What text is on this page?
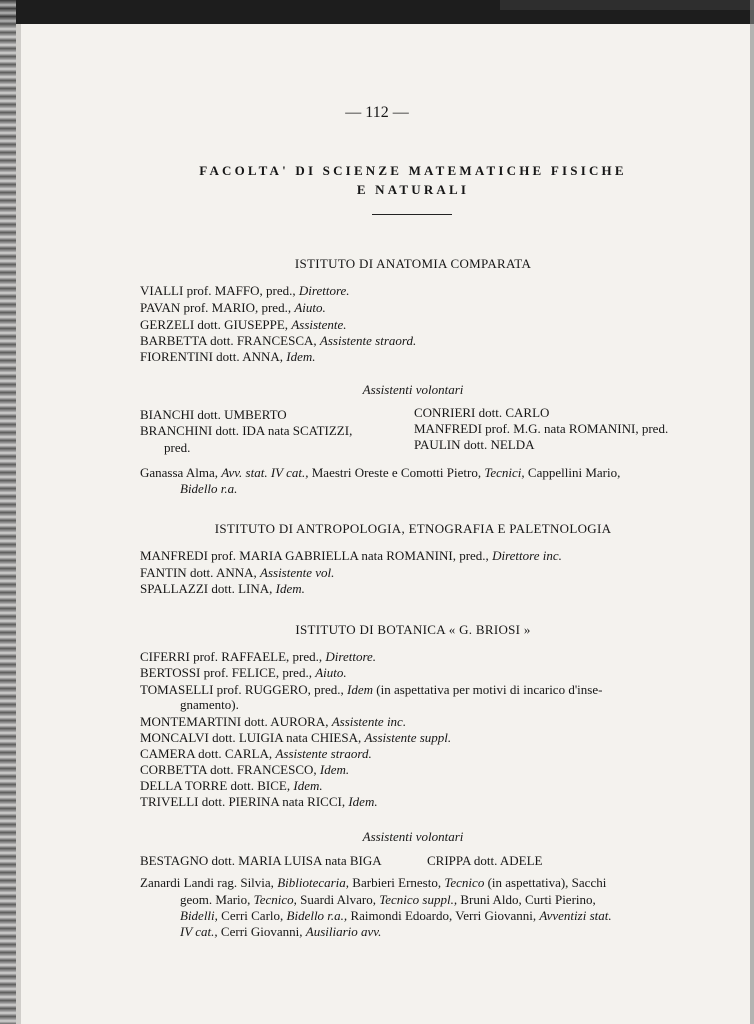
— 112 —
FACOLTA' DI SCIENZE MATEMATICHE FISICHE
E NATURALI
ISTITUTO DI ANATOMIA COMPARATA
VIALLI prof. MAFFO, pred., Direttore.
PAVAN prof. MARIO, pred., Aiuto.
GERZELI dott. GIUSEPPE, Assistente.
BARBETTA dott. FRANCESCA, Assistente straord.
FIORENTINI dott. ANNA, Idem.
Assistenti volontari
BIANCHI dott. UMBERTO
BRANCHINI dott. IDA nata SCATIZZI,
pred.
CONRIERI dott. CARLO
MANFREDI prof. M.G. nata ROMANINI, pred.
PAULIN dott. NELDA
Ganassa Alma, Avv. stat. IV cat., Maestri Oreste e Comotti Pietro, Tecnici, Cappellini Mario,
Bidello r.a.
ISTITUTO DI ANTROPOLOGIA, ETNOGRAFIA E PALETNOLOGIA
MANFREDI prof. MARIA GABRIELLA nata ROMANINI, pred., Direttore inc.
FANTIN dott. ANNA, Assistente vol.
SPALLAZZI dott. LINA, Idem.
ISTITUTO DI BOTANICA « G. BRIOSI »
CIFERRI prof. RAFFAELE, pred., Direttore.
BERTOSSI prof. FELICE, pred., Aiuto.
TOMASELLI prof. RUGGERO, pred., Idem (in aspettativa per motivi di incarico d'inse-
gnamento).
MONTEMARTINI dott. AURORA, Assistente inc.
MONCALVI dott. LUIGIA nata CHIESA, Assistente suppl.
CAMERA dott. CARLA, Assistente straord.
CORBETTA dott. FRANCESCO, Idem.
DELLA TORRE dott. BICE, Idem.
TRIVELLI dott. PIERINA nata RICCI, Idem.
Assistenti volontari
BESTAGNO dott. MARIA LUISA nata BIGA	CRIPPA dott. ADELE
Zanardi Landi rag. Silvia, Bibliotecaria, Barbieri Ernesto, Tecnico (in aspettativa), Sacchi
geom. Mario, Tecnico, Suardi Alvaro, Tecnico suppl., Bruni Aldo, Curti Pierino,
Bidelli, Cerri Carlo, Bidello r.a., Raimondi Edoardo, Verri Giovanni, Avventizi stat.
IV cat., Cerri Giovanni, Ausiliario avv.
